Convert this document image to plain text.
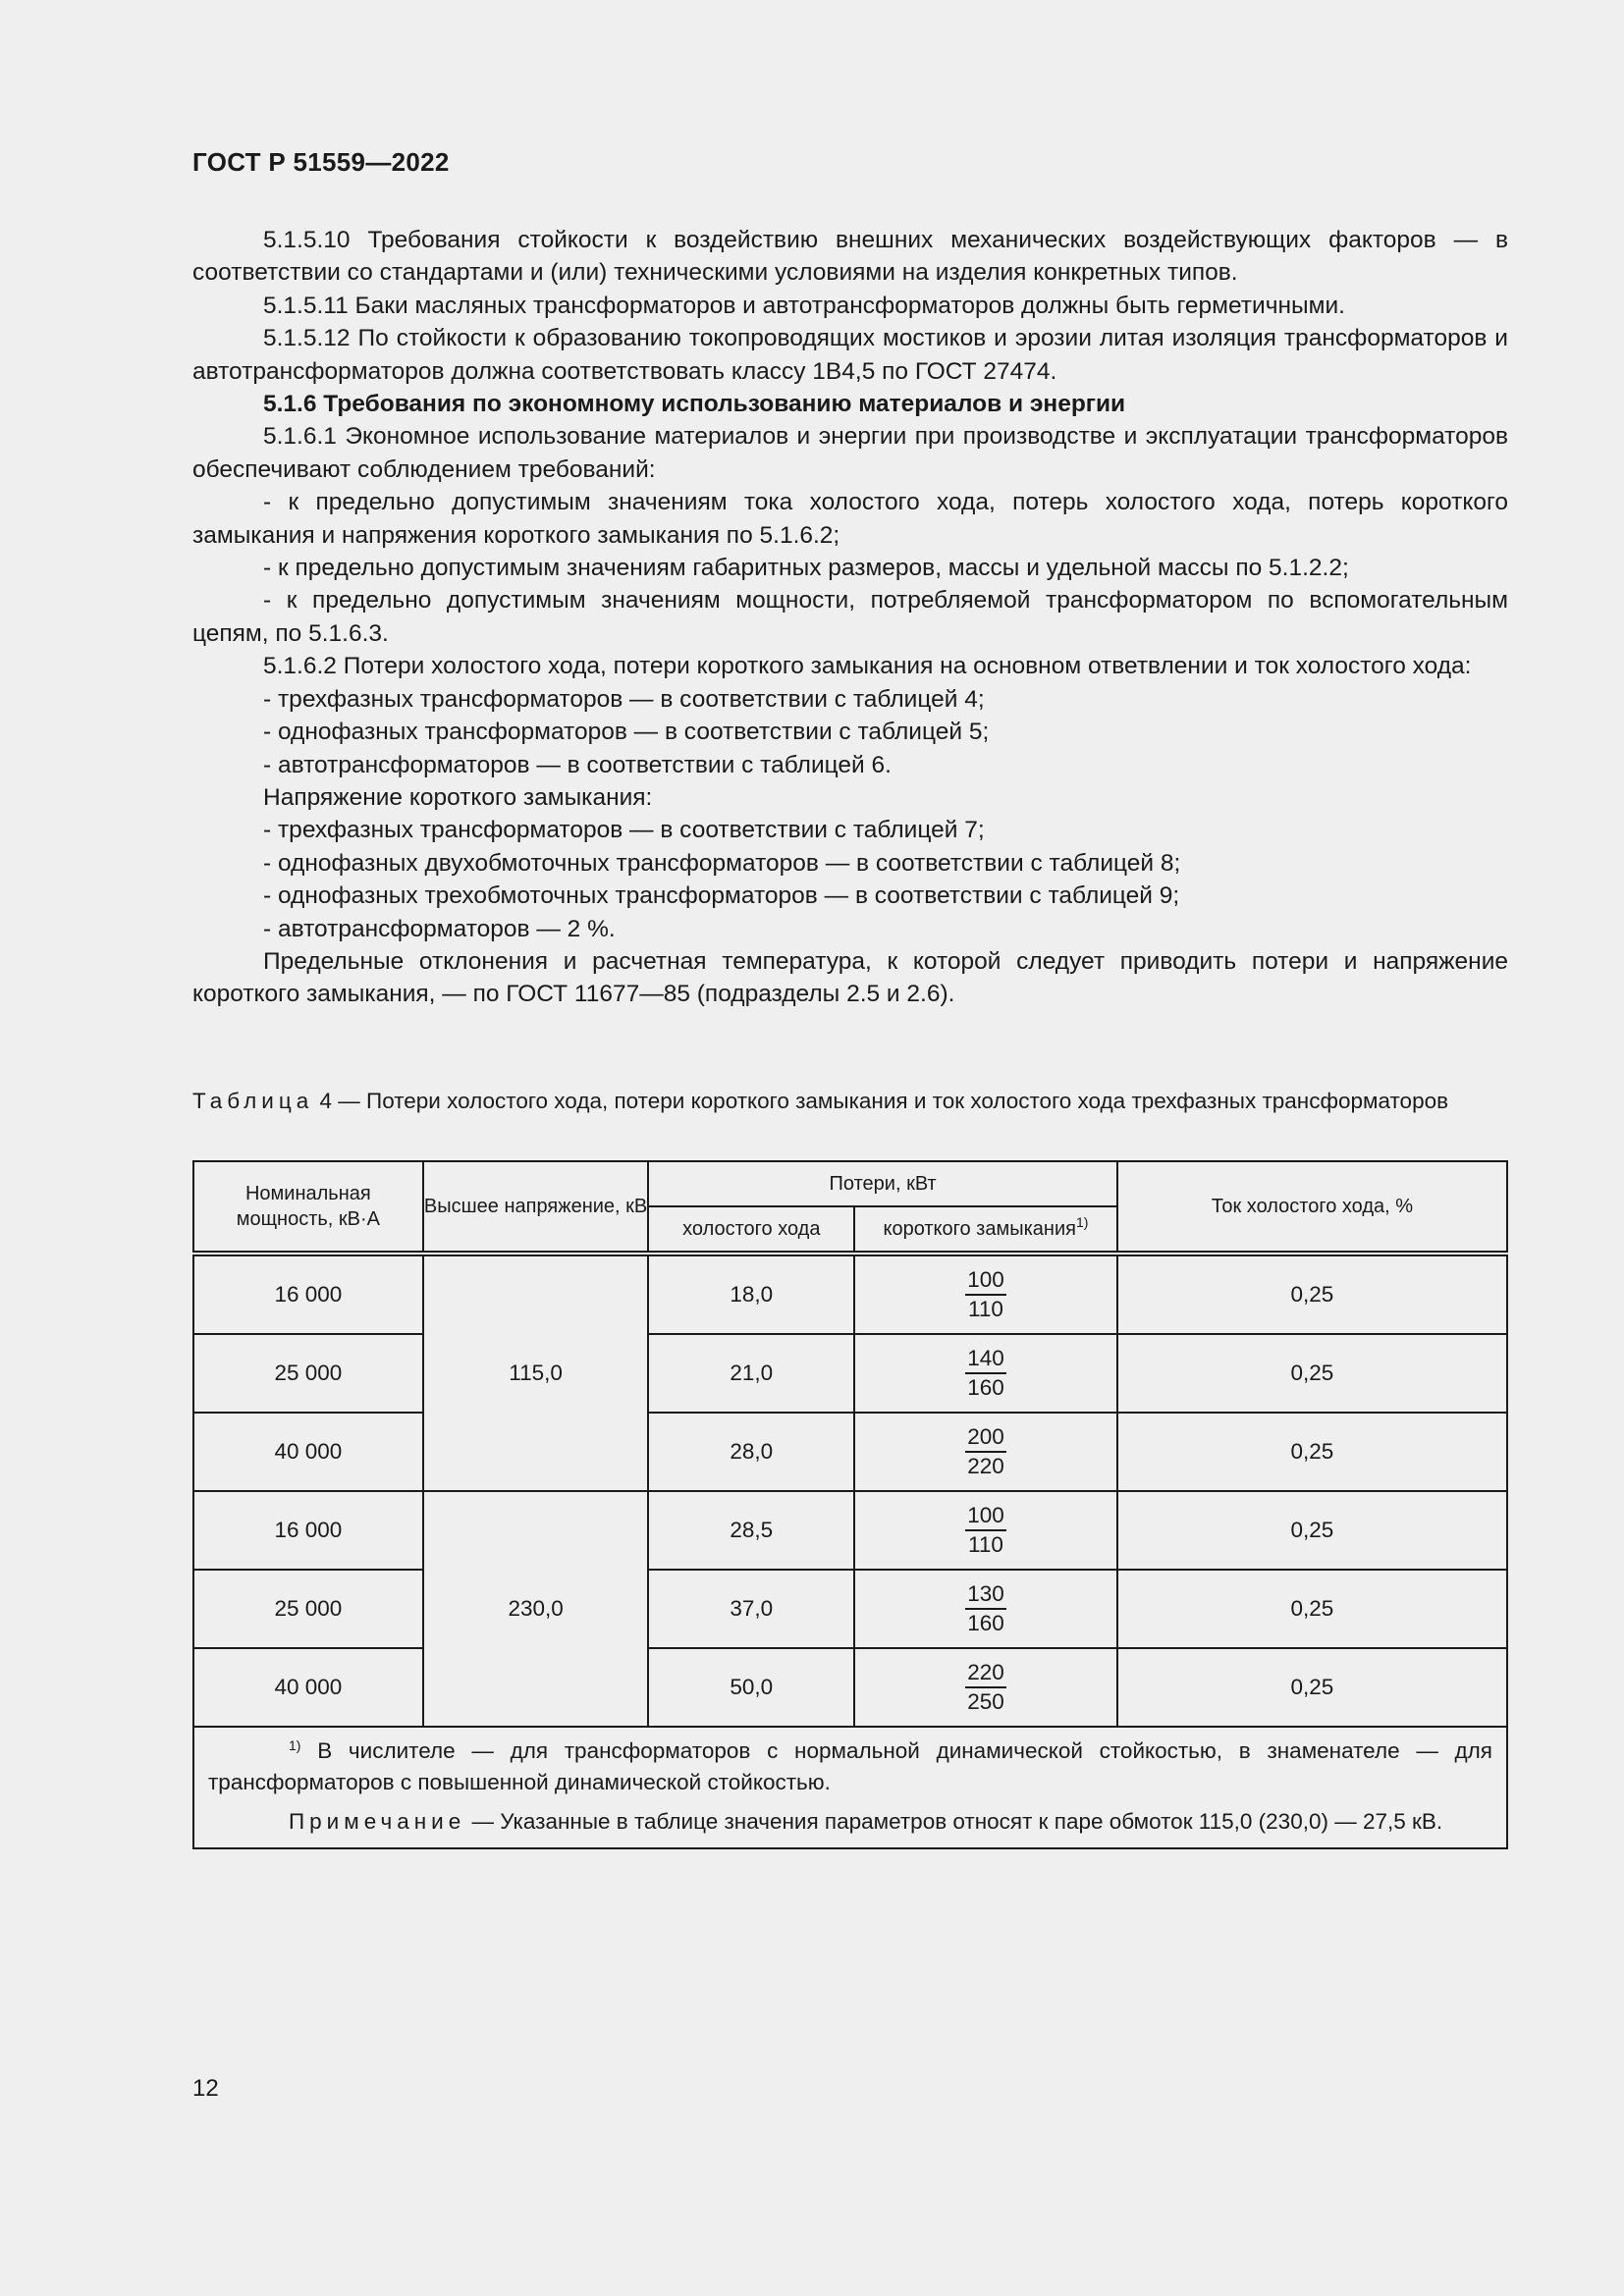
ГОСТ Р 51559—2022

5.1.5.10 Требования стойкости к воздействию внешних механических воздействующих факторов — в соответствии со стандартами и (или) техническими условиями на изделия конкретных типов.

5.1.5.11 Баки масляных трансформаторов и автотрансформаторов должны быть герметичными.

5.1.5.12 По стойкости к образованию токопроводящих мостиков и эрозии литая изоляция трансформаторов и автотрансформаторов должна соответствовать классу 1В4,5 по ГОСТ 27474.

5.1.6 Требования по экономному использованию материалов и энергии

5.1.6.1 Экономное использование материалов и энергии при производстве и эксплуатации трансформаторов обеспечивают соблюдением требований:

- к предельно допустимым значениям тока холостого хода, потерь холостого хода, потерь короткого замыкания и напряжения короткого замыкания по 5.1.6.2;

- к предельно допустимым значениям габаритных размеров, массы и удельной массы по 5.1.2.2;

- к предельно допустимым значениям мощности, потребляемой трансформатором по вспомогательным цепям, по 5.1.6.3.

5.1.6.2 Потери холостого хода, потери короткого замыкания на основном ответвлении и ток холостого хода:

- трехфазных трансформаторов — в соответствии с таблицей 4;

- однофазных трансформаторов — в соответствии с таблицей 5;

- автотрансформаторов — в соответствии с таблицей 6.

Напряжение короткого замыкания:

- трехфазных трансформаторов — в соответствии с таблицей 7;

- однофазных двухобмоточных трансформаторов — в соответствии с таблицей 8;

- однофазных трехобмоточных трансформаторов — в соответствии с таблицей 9;

- автотрансформаторов — 2 %.

Предельные отклонения и расчетная температура, к которой следует приводить потери и напряжение короткого замыкания, — по ГОСТ 11677—85 (подразделы 2.5 и 2.6).

Таблица 4 — Потери холостого хода, потери короткого замыкания и ток холостого хода трехфазных трансформаторов
Номинальная мощность, кВ·А	Высшее напряжение, кВ	Потери, кВт		Ток холостого хода, %
		холостого хода	короткого замыкания$^{1)}$
16 000	115,0	18,0	$\frac{100}{110}$	0,25
25 000		21,0	$\frac{140}{160}$	0,25
40 000		28,0	$\frac{200}{220}$	0,25
16 000	230,0	28,5	$\frac{100}{110}$	0,25
25 000		37,0	$\frac{130}{160}$	0,25
40 000		50,0	$\frac{220}{250}$	0,25

$^{1)}$ В числителе — для трансформаторов с нормальной динамической стойкостью, в знаменателе — для трансформаторов с повышенной динамической стойкостью.

Примечание — Указанные в таблице значения параметров относят к паре обмоток 115,0 (230,0) — 27,5 кВ.				

12
